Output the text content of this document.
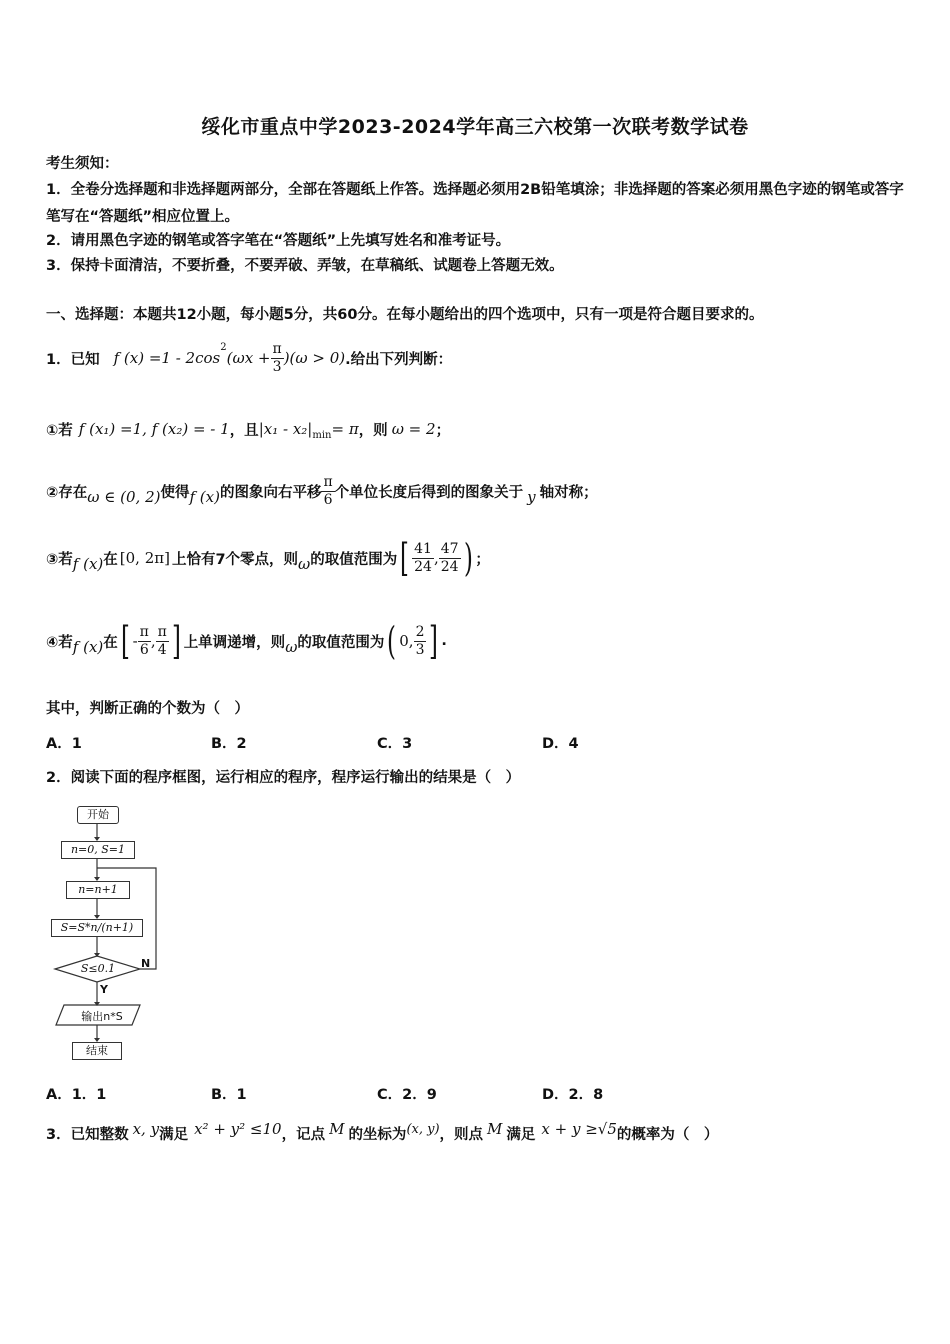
绥化市重点中学2023-2024学年高三六校第一次联考数学试卷
考生须知：
1．全卷分选择题和非选择题两部分，全部在答题纸上作答。选择题必须用2B铅笔填涂；非选择题的答案必须用黑色字迹的钢笔或答字笔写在“答题纸”相应位置上。
2．请用黑色字迹的钢笔或答字笔在“答题纸”上先填写姓名和准考证号。
3．保持卡面清洁，不要折叠，不要弄破、弄皱，在草稿纸、试题卷上答题无效。
一、选择题：本题共12小题，每小题5分，共60分。在每小题给出的四个选项中，只有一项是符合题目要求的。
1．已知 f (x) =1 - 2cos
$^2$
$(\omega x + \frac{\pi}{3} )(\omega > 0)$ .给出下列判断：
①若 f (x₁) =1, f (x₂) = - 1 ，且 $|x_1 - x_2|_{min} = \pi$ ，则 ω = 2 ；
②存在 ω ∈ (0, 2) 使得 f (x) 的图象向右平移 $\frac{\pi}{6}$ 个单位长度后得到的图象关于 y 轴对称；
③若 f (x) 在 [0, 2π] 上恰有7个零点，则 ω 的取值范围为 [ $\frac{41}{24}$ , $\frac{47}{24}$ ) ；
④若 f (x) 在 [ - $\frac{\pi}{6}$ , $\frac{\pi}{4}$ ] 上单调递增，则 ω 的取值范围为 ( 0, $\frac{2}{3}$ ] .
其中，判断正确的个数为（　）
A．1	B．2	C．3	D．4
2．阅读下面的程序框图，运行相应的程序，程序运行输出的结果是（　）
开始
n=0, S=1
n=n+1
S=S*n/(n+1)
S≤0.1	N
Y
输出n*S
结束
A．1．1	B．1	C．2．9	D．2．8
3．已知整数 x, y 满足 x² + y² ≤10 ，记点 M 的坐标为 (x, y) ，则点 M 满足 x + y ≥√5 的概率为（　）
